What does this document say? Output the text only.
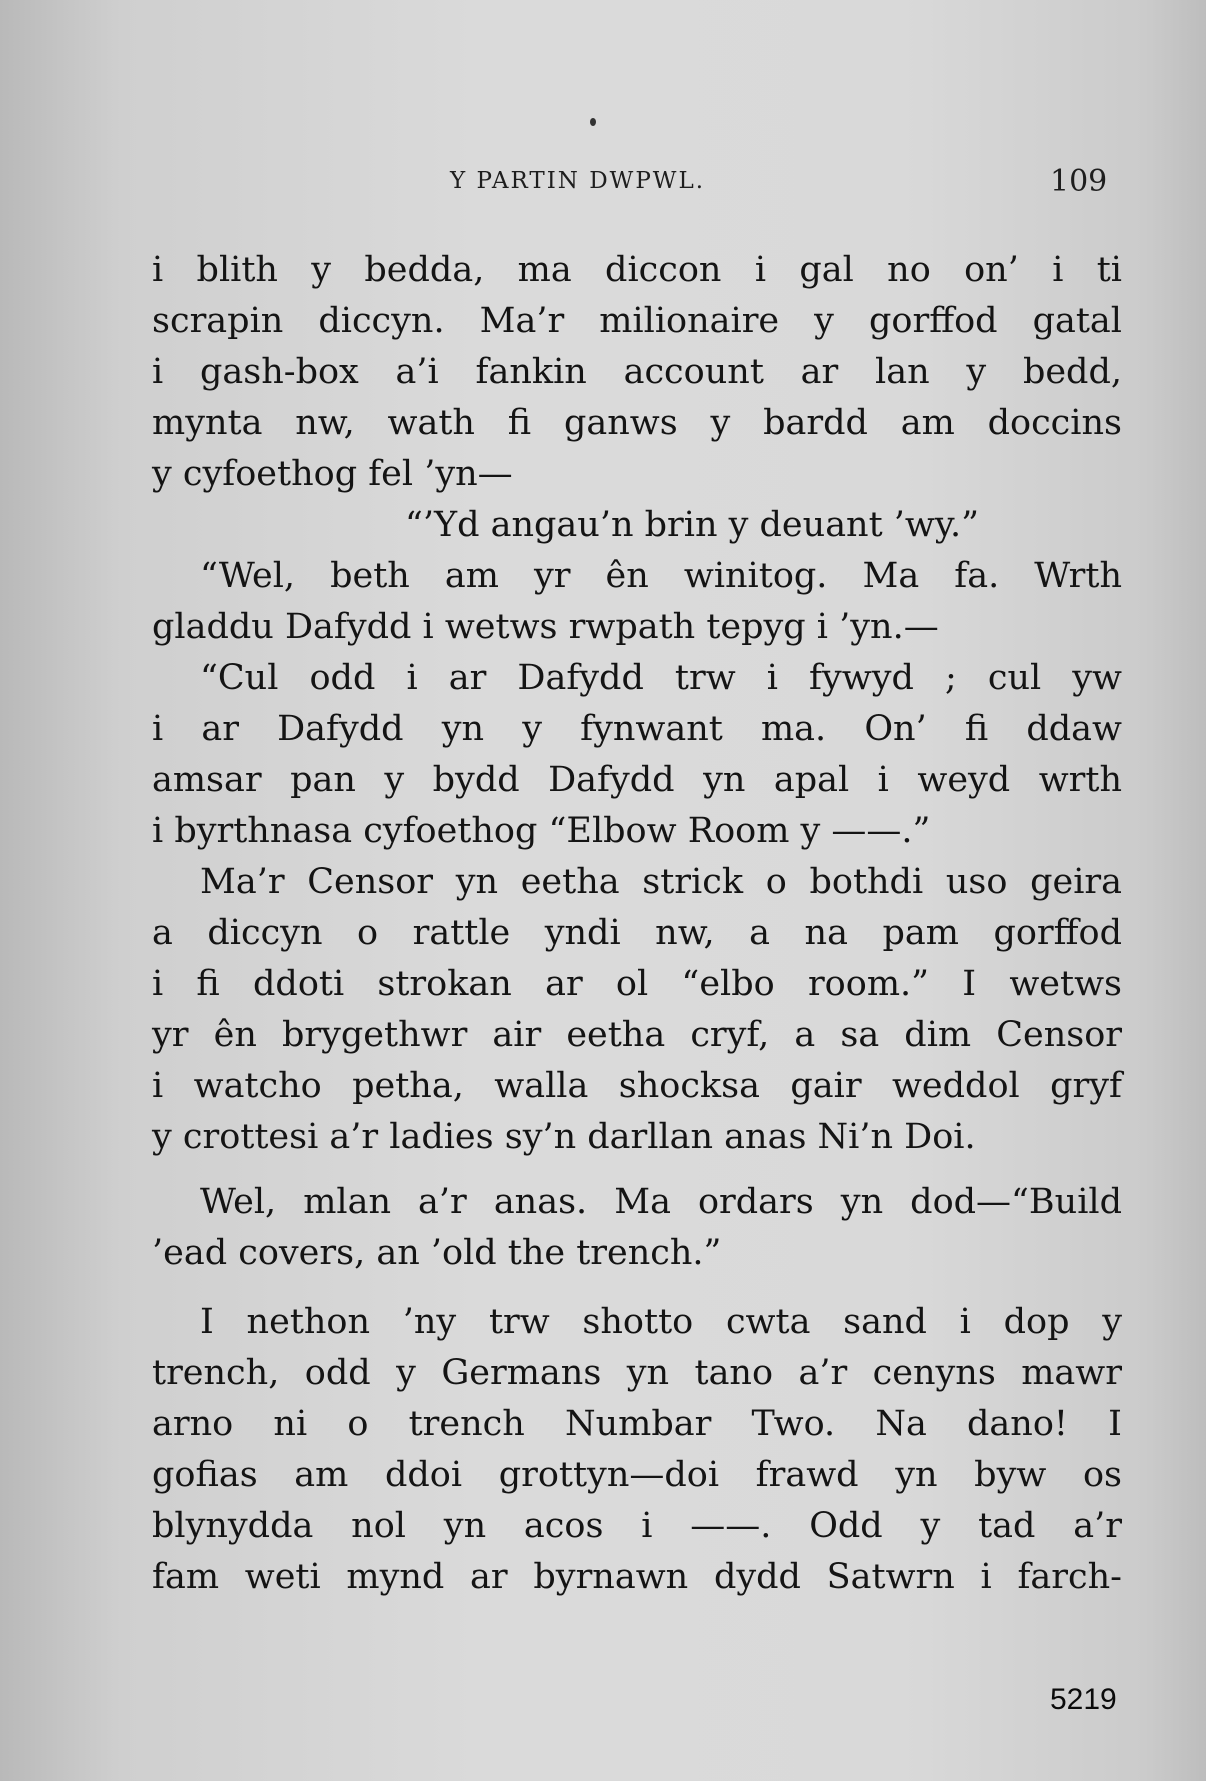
Y PARTIN DWPWL.	109
i blith y bedda, ma diccon i gal no on’ i ti
scrapin diccyn. Ma’r milionaire y gorffod gatal
i gash-box a’i fankin account ar lan y bedd,
mynta nw, wath fi ganws y bardd am doccins
y cyfoethog fel ’yn—
“’Yd angau’n brin y deuant ’wy.”
“Wel, beth am yr ên winitog. Ma fa. Wrth
gladdu Dafydd i wetws rwpath tepyg i ’yn.—
“Cul odd i ar Dafydd trw i fywyd ; cul yw
i ar Dafydd yn y fynwant ma. On’ fi ddaw
amsar pan y bydd Dafydd yn apal i weyd wrth
i byrthnasa cyfoethog “Elbow Room y ——.”
Ma’r Censor yn eetha strick o bothdi uso geira
a diccyn o rattle yndi nw, a na pam gorffod
i fi ddoti strokan ar ol “elbo room.” I wetws
yr ên brygethwr air eetha cryf, a sa dim Censor
i watcho petha, walla shocksa gair weddol gryf
y crottesi a’r ladies sy’n darllan anas Ni’n Doi.
Wel, mlan a’r anas. Ma ordars yn dod—“Build
’ead covers, an ’old the trench.”
I nethon ’ny trw shotto cwta sand i dop y
trench, odd y Germans yn tano a’r cenyns mawr
arno ni o trench Numbar Two. Na dano! I
gofias am ddoi grottyn—doi frawd yn byw os
blynydda nol yn acos i ——. Odd y tad a’r
fam weti mynd ar byrnawn dydd Satwrn i farch-
5219
